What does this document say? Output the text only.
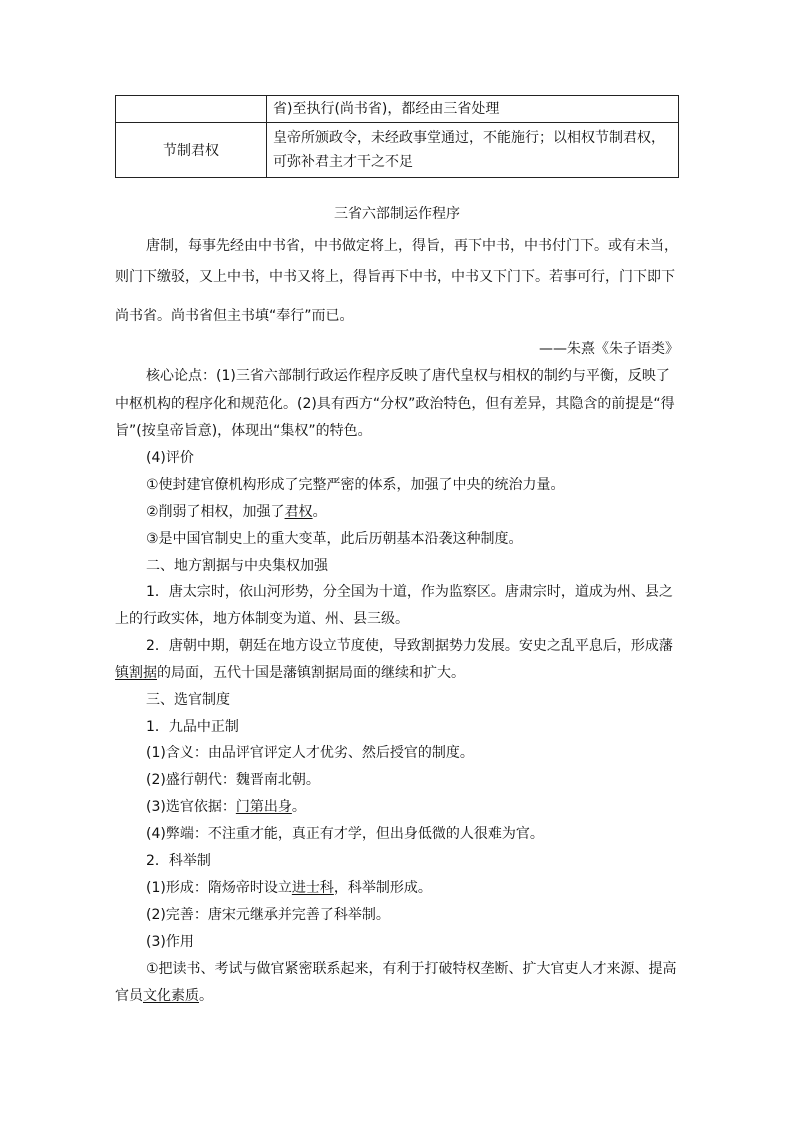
	省)至执行(尚书省)，都经由三省处理
节制君权	皇帝所颁政令，未经政事堂通过，不能施行；以相权节制君权，
可弥补君主才干之不足
三省六部制运作程序
唐制，每事先经由中书省，中书做定将上，得旨，再下中书，中书付门下。或有未当，
则门下缴驳，又上中书，中书又将上，得旨再下中书，中书又下门下。若事可行，门下即下
尚书省。尚书省但主书填“奉行”而已。
——朱熹《朱子语类》
核心论点：(1)三省六部制行政运作程序反映了唐代皇权与相权的制约与平衡，反映了
中枢机构的程序化和规范化。(2)具有西方“分权”政治特色，但有差异，其隐含的前提是“得
旨”(按皇帝旨意)，体现出“集权”的特色。
(4)评价
①使封建官僚机构形成了完整严密的体系，加强了中央的统治力量。
②削弱了相权，加强了君权。
③是中国官制史上的重大变革，此后历朝基本沿袭这种制度。
二、地方割据与中央集权加强
1．唐太宗时，依山河形势，分全国为十道，作为监察区。唐肃宗时，道成为州、县之
上的行政实体，地方体制变为道、州、县三级。
2．唐朝中期，朝廷在地方设立节度使，导致割据势力发展。安史之乱平息后，形成藩
镇割据的局面，五代十国是藩镇割据局面的继续和扩大。
三、选官制度
1．九品中正制
(1)含义：由品评官评定人才优劣、然后授官的制度。
(2)盛行朝代：魏晋南北朝。
(3)选官依据：门第出身。
(4)弊端：不注重才能，真正有才学，但出身低微的人很难为官。
2．科举制
(1)形成：隋炀帝时设立进士科，科举制形成。
(2)完善：唐宋元继承并完善了科举制。
(3)作用
①把读书、考试与做官紧密联系起来，有利于打破特权垄断、扩大官吏人才来源、提高
官员文化素质。
